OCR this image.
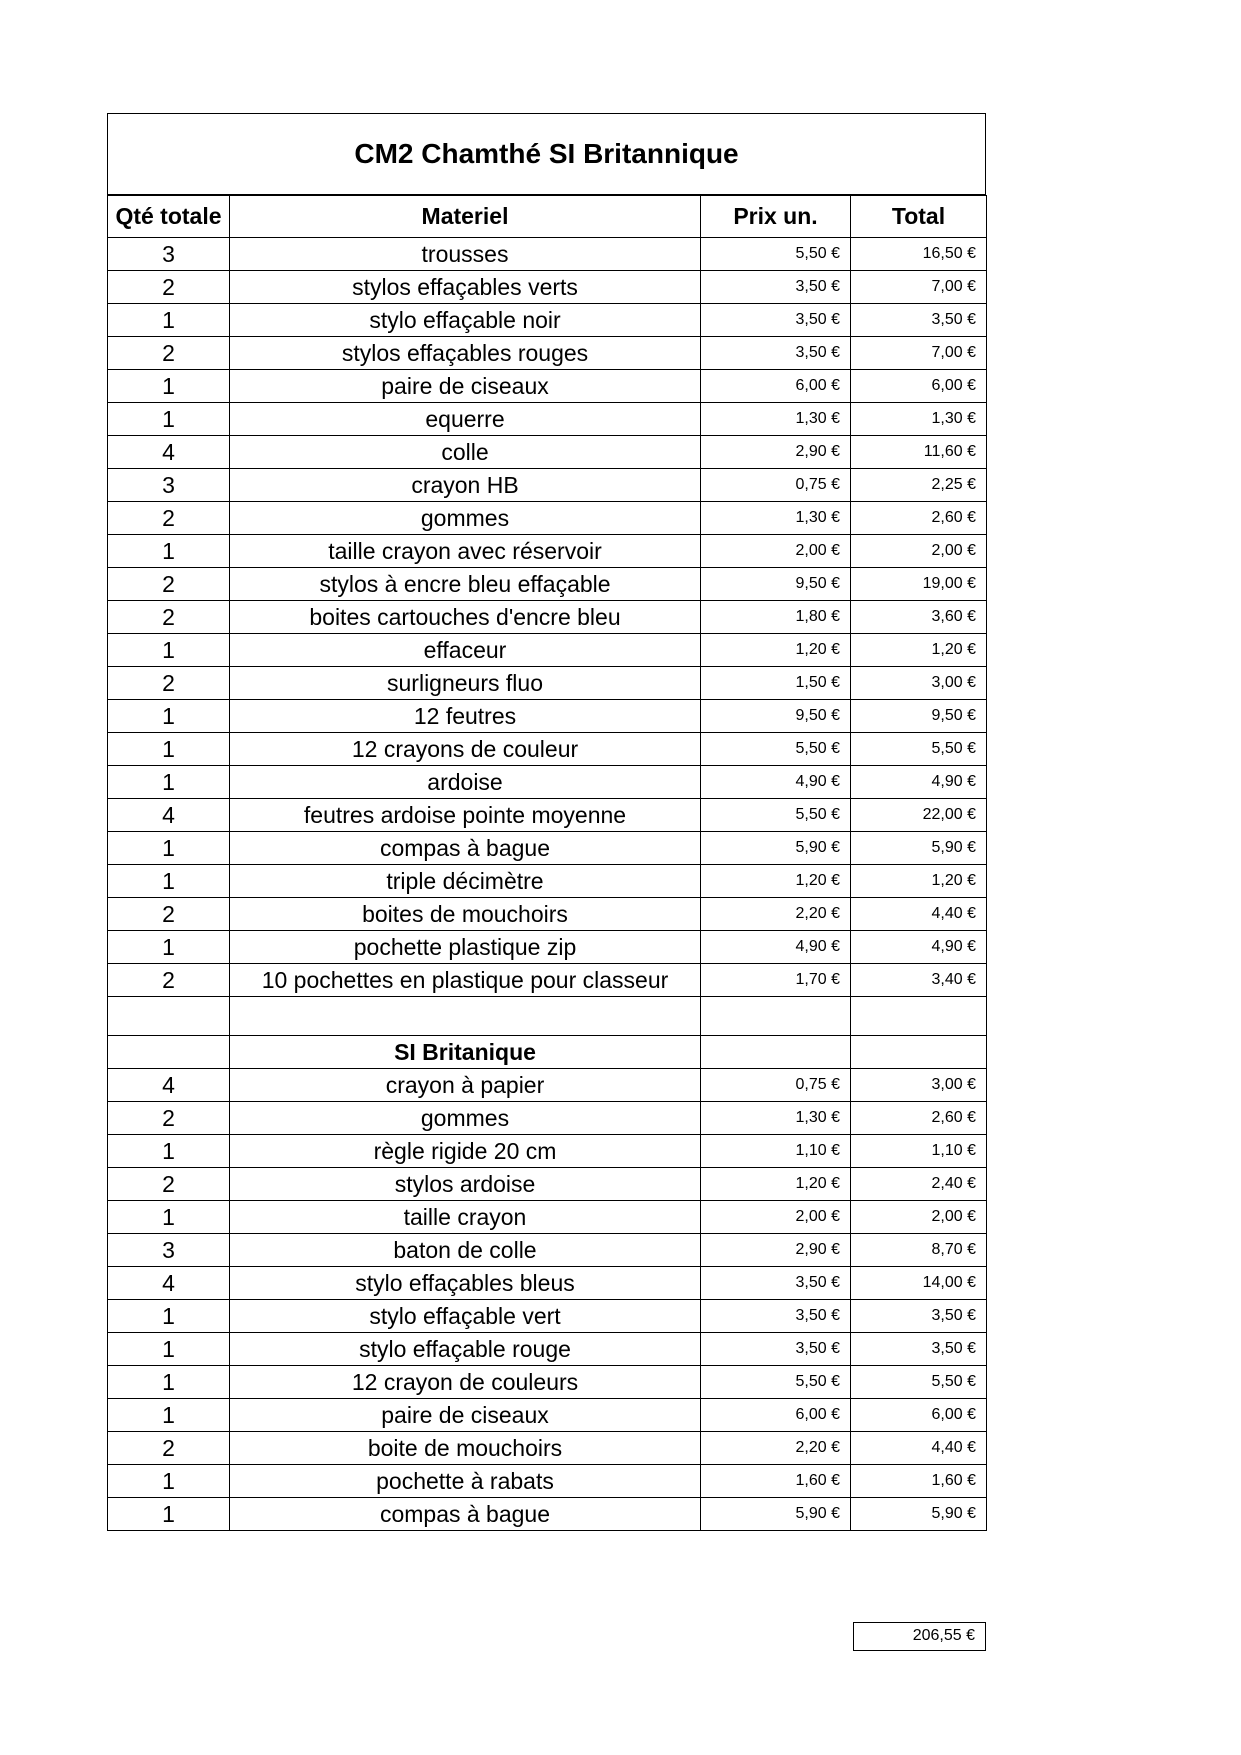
CM2 Chamthé SI Britannique
Qté totale	Materiel	Prix un.	Total
3	trousses	5,50 €	16,50 €
2	stylos effaçables verts	3,50 €	7,00 €
1	stylo effaçable noir	3,50 €	3,50 €
2	stylos effaçables rouges	3,50 €	7,00 €
1	paire de ciseaux	6,00 €	6,00 €
1	equerre	1,30 €	1,30 €
4	colle	2,90 €	11,60 €
3	crayon HB	0,75 €	2,25 €
2	gommes	1,30 €	2,60 €
1	taille crayon avec réservoir	2,00 €	2,00 €
2	stylos à encre bleu effaçable	9,50 €	19,00 €
2	boites cartouches d'encre bleu	1,80 €	3,60 €
1	effaceur	1,20 €	1,20 €
2	surligneurs fluo	1,50 €	3,00 €
1	12 feutres	9,50 €	9,50 €
1	12 crayons de couleur	5,50 €	5,50 €
1	ardoise	4,90 €	4,90 €
4	feutres ardoise pointe moyenne	5,50 €	22,00 €
1	compas à bague	5,90 €	5,90 €
1	triple décimètre	1,20 €	1,20 €
2	boites de mouchoirs	2,20 €	4,40 €
1	pochette plastique zip	4,90 €	4,90 €
2	10 pochettes en plastique pour classeur	1,70 €	3,40 €

	SI Britanique		
4	crayon à papier	0,75 €	3,00 €
2	gommes	1,30 €	2,60 €
1	règle rigide 20 cm	1,10 €	1,10 €
2	stylos ardoise	1,20 €	2,40 €
1	taille crayon	2,00 €	2,00 €
3	baton de colle	2,90 €	8,70 €
4	stylo effaçables bleus	3,50 €	14,00 €
1	stylo effaçable vert	3,50 €	3,50 €
1	stylo effaçable rouge	3,50 €	3,50 €
1	12 crayon de couleurs	5,50 €	5,50 €
1	paire de ciseaux	6,00 €	6,00 €
2	boite de mouchoirs	2,20 €	4,40 €
1	pochette à rabats	1,60 €	1,60 €
1	compas à bague	5,90 €	5,90 €
206,55 €
